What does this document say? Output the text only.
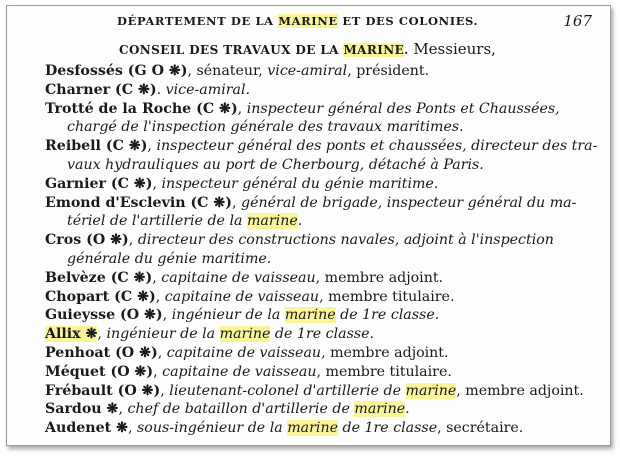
DÉPARTEMENT DE LA MARINE ET DES COLONIES.	167
CONSEIL DES TRAVAUX DE LA MARINE. Messieurs,
Desfossés (G O ❋), sénateur, vice-amiral, président.
Charner (C ❋). vice-amiral.
Trotté de la Roche (C ❋), inspecteur général des Ponts et Chaussées,
chargé de l'inspection générale des travaux maritimes.
Reibell (C ❋), inspecteur général des ponts et chaussées, directeur des tra-
vaux hydrauliques au port de Cherbourg, détaché à Paris.
Garnier (C ❋), inspecteur général du génie maritime.
Emond d'Esclevin (C ❋), général de brigade, inspecteur général du ma-
tériel de l'artillerie de la marine.
Cros (O ❋), directeur des constructions navales, adjoint à l'inspection
générale du génie maritime.
Belvèze (C ❋), capitaine de vaisseau, membre adjoint.
Chopart (C ❋), capitaine de vaisseau, membre titulaire.
Guieysse (O ❋), ingénieur de la marine de 1re classe.
Allix ❋, ingénieur de la marine de 1re classe.
Penhoat (O ❋), capitaine de vaisseau, membre adjoint.
Méquet (O ❋), capitaine de vaisseau, membre titulaire.
Frébault (O ❋), lieutenant-colonel d'artillerie de marine, membre adjoint.
Sardou ❋, chef de bataillon d'artillerie de marine.
Audenet ❋, sous-ingénieur de la marine de 1re classe, secrétaire.
